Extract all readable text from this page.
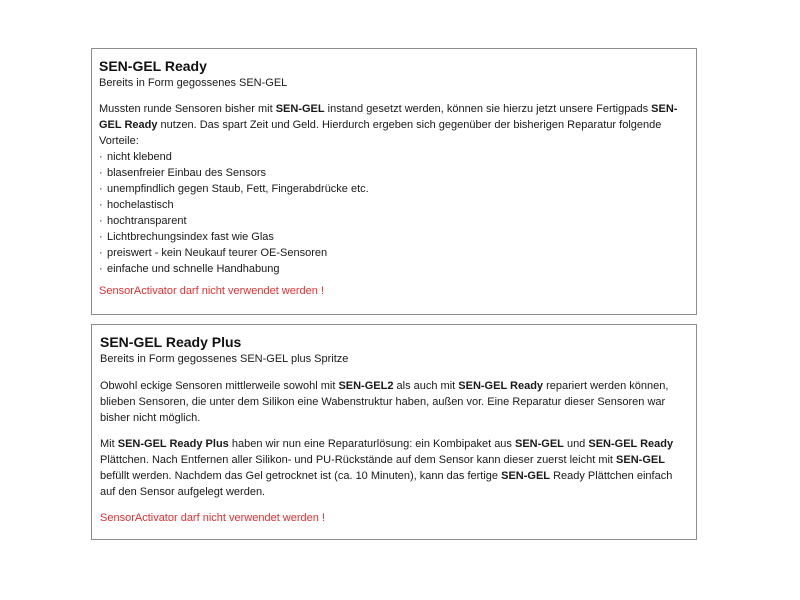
SEN-GEL Ready

Bereits in Form gegossenes SEN-GEL

Mussten runde Sensoren bisher mit SEN-GEL instand gesetzt werden, können sie hierzu jetzt unsere Fertigpads SEN-GEL Ready nutzen. Das spart Zeit und Geld. Hierdurch ergeben sich gegenüber der bisherigen Reparatur folgende Vorteile:

· nicht klebend
· blasenfreier Einbau des Sensors
· unempfindlich gegen Staub, Fett, Fingerabdrücke etc.
· hochelastisch
· hochtransparent
· Lichtbrechungsindex fast wie Glas
· preiswert - kein Neukauf teurer OE-Sensoren
· einfache und schnelle Handhabung

SensorActivator darf nicht verwendet werden !

SEN-GEL Ready Plus

Bereits in Form gegossenes SEN-GEL plus Spritze

Obwohl eckige Sensoren mittlerweile sowohl mit SEN-GEL2 als auch mit SEN-GEL Ready repariert werden können, blieben Sensoren, die unter dem Silikon eine Wabenstruktur haben, außen vor. Eine Reparatur dieser Sensoren war bisher nicht möglich.

Mit SEN-GEL Ready Plus haben wir nun eine Reparaturlösung: ein Kombipaket aus SEN-GEL und SEN-GEL Ready Plättchen. Nach Entfernen aller Silikon- und PU-Rückstände auf dem Sensor kann dieser zuerst leicht mit SEN-GEL befüllt werden. Nachdem das Gel getrocknet ist (ca. 10 Minuten), kann das fertige SEN-GEL Ready Plättchen einfach auf den Sensor aufgelegt werden.

SensorActivator darf nicht verwendet werden !
